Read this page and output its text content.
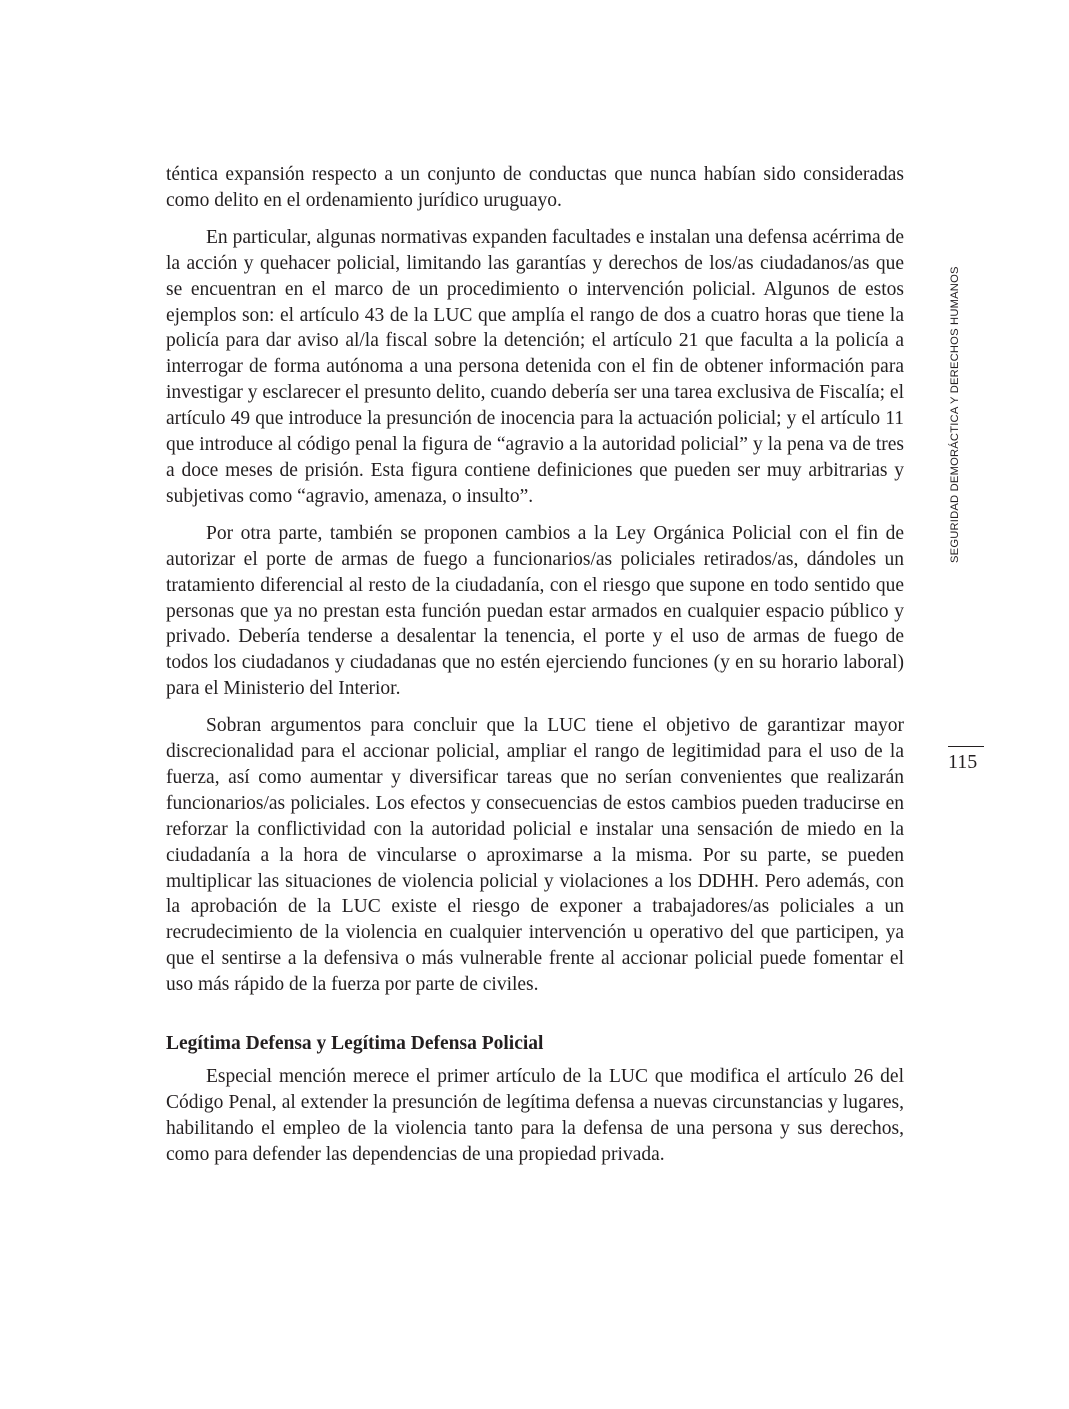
téntica expansión respecto a un conjunto de conductas que nunca habían sido consideradas como delito en el ordenamiento jurídico uruguayo.

En particular, algunas normativas expanden facultades e instalan una defensa acérrima de la acción y quehacer policial, limitando las garantías y derechos de los/as ciudadanos/as que se encuentran en el marco de un procedimiento o intervención policial. Algunos de estos ejemplos son: el artículo 43 de la LUC que amplía el rango de dos a cuatro horas que tiene la policía para dar aviso al/la fiscal sobre la detención; el artículo 21 que faculta a la policía a interrogar de forma autónoma a una persona detenida con el fin de obtener información para investigar y esclarecer el presunto delito, cuando debería ser una tarea exclusiva de Fiscalía; el artículo 49 que introduce la presunción de inocencia para la actuación policial; y el artículo 11 que introduce al código penal la figura de “agravio a la autoridad policial” y la pena va de tres a doce meses de prisión. Esta figura contiene definiciones que pueden ser muy arbitrarias y subjetivas como “agravio, amenaza, o insulto”.

Por otra parte, también se proponen cambios a la Ley Orgánica Policial con el fin de autorizar el porte de armas de fuego a funcionarios/as policiales retirados/as, dándoles un tratamiento diferencial al resto de la ciudadanía, con el riesgo que supone en todo sentido que personas que ya no prestan esta función puedan estar armados en cualquier espacio público y privado. Debería tenderse a desalentar la tenencia, el porte y el uso de armas de fuego de todos los ciudadanos y ciudadanas que no estén ejerciendo funciones (y en su horario laboral) para el Ministerio del Interior.

Sobran argumentos para concluir que la LUC tiene el objetivo de garantizar mayor discrecionalidad para el accionar policial, ampliar el rango de legitimidad para el uso de la fuerza, así como aumentar y diversificar tareas que no serían convenientes que realizarán funcionarios/as policiales. Los efectos y consecuencias de estos cambios pueden traducirse en reforzar la conflictividad con la autoridad policial e instalar una sensación de miedo en la ciudadanía a la hora de vincularse o aproximarse a la misma. Por su parte, se pueden multiplicar las situaciones de violencia policial y violaciones a los DDHH. Pero además, con la aprobación de la LUC existe el riesgo de exponer a trabajadores/as policiales a un recrudecimiento de la violencia en cualquier intervención u operativo del que participen, ya que el sentirse a la defensiva o más vulnerable frente al accionar policial puede fomentar el uso más rápido de la fuerza por parte de civiles.

Legítima Defensa y Legítima Defensa Policial

Especial mención merece el primer artículo de la LUC que modifica el artículo 26 del Código Penal, al extender la presunción de legítima defensa a nuevas circunstancias y lugares, habilitando el empleo de la violencia tanto para la defensa de una persona y sus derechos, como para defender las dependencias de una propiedad privada.

SEGURIDAD DEMORÁCTICA Y DERECHOS HUMANOS
115
